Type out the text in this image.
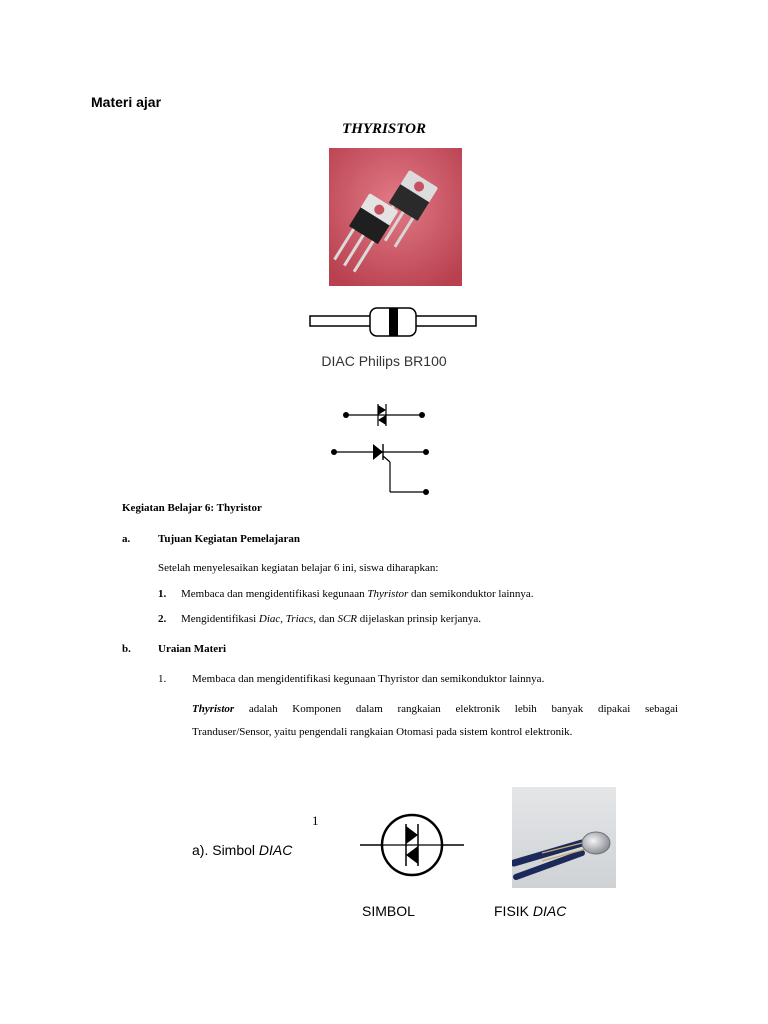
Materi ajar
THYRISTOR
DIAC Philips BR100
Kegiatan Belajar 6: Thyristor
a.	Tujuan Kegiatan Pemelajaran
Setelah menyelesaikan kegiatan belajar 6 ini, siswa diharapkan:
1. Membaca dan mengidentifikasi kegunaan Thyristor dan semikonduktor lainnya.
2. Mengidentifikasi Diac, Triacs, dan SCR dijelaskan prinsip kerjanya.
b. Uraian Materi
1. Membaca dan mengidentifikasi kegunaan Thyristor dan semikonduktor lainnya.
Thyristor adalah Komponen dalam rangkaian elektronik lebih banyak dipakai sebagai
Tranduser/Sensor, yaitu pengendali rangkaian Otomasi pada sistem kontrol elektronik.
1
a). Simbol DIAC
SIMBOL	FISIK DIAC
